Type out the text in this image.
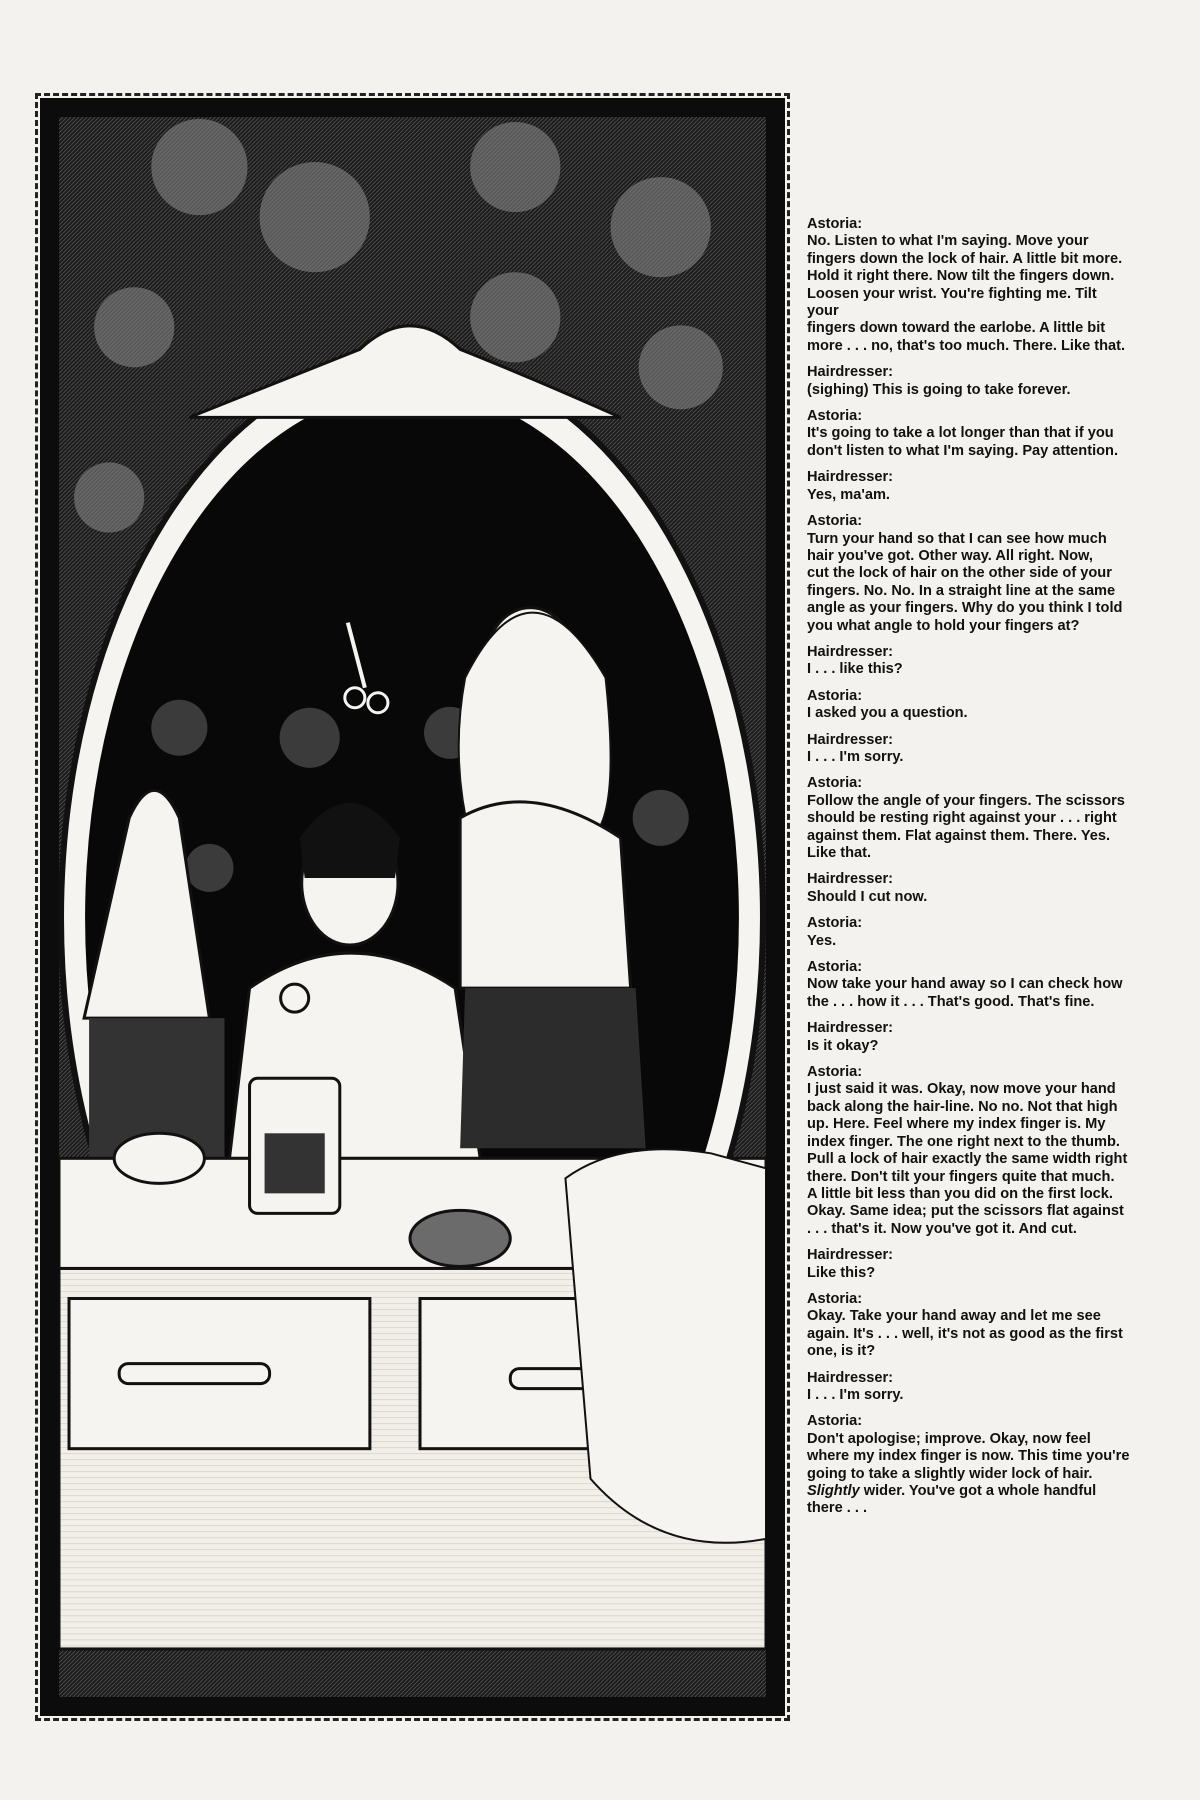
Astoria:
No. Listen to what I'm saying. Move your
fingers down the lock of hair. A little bit more.
Hold it right there. Now tilt the fingers down.
Loosen your wrist. You're fighting me. Tilt your
fingers down toward the earlobe. A little bit
more . . . no, that's too much. There. Like that.
Hairdresser:
(sighing) This is going to take forever.
Astoria:
It's going to take a lot longer than that if you
don't listen to what I'm saying. Pay attention.
Hairdresser:
Yes, ma'am.
Astoria:
Turn your hand so that I can see how much
hair you've got. Other way. All right. Now,
cut the lock of hair on the other side of your
fingers. No. No. In a straight line at the same
angle as your fingers. Why do you think I told
you what angle to hold your fingers at?
Hairdresser:
I . . . like this?
Astoria:
I asked you a question.
Hairdresser:
I . . . I'm sorry.
Astoria:
Follow the angle of your fingers. The scissors
should be resting right against your . . . right
against them. Flat against them. There. Yes.
Like that.
Hairdresser:
Should I cut now.
Astoria:
Yes.
Astoria:
Now take your hand away so I can check how
the . . . how it . . . That's good. That's fine.
Hairdresser:
Is it okay?
Astoria:
I just said it was. Okay, now move your hand
back along the hair-line. No no. Not that high
up. Here. Feel where my index finger is. My
index finger. The one right next to the thumb.
Pull a lock of hair exactly the same width right
there. Don't tilt your fingers quite that much.
A little bit less than you did on the first lock.
Okay. Same idea; put the scissors flat against
. . . that's it. Now you've got it. And cut.
Hairdresser:
Like this?
Astoria:
Okay. Take your hand away and let me see
again. It's . . . well, it's not as good as the first
one, is it?
Hairdresser:
I . . . I'm sorry.
Astoria:
Don't apologise; improve. Okay, now feel
where my index finger is now. This time you're
going to take a slightly wider lock of hair.
Slightly wider. You've got a whole handful
there . . .
